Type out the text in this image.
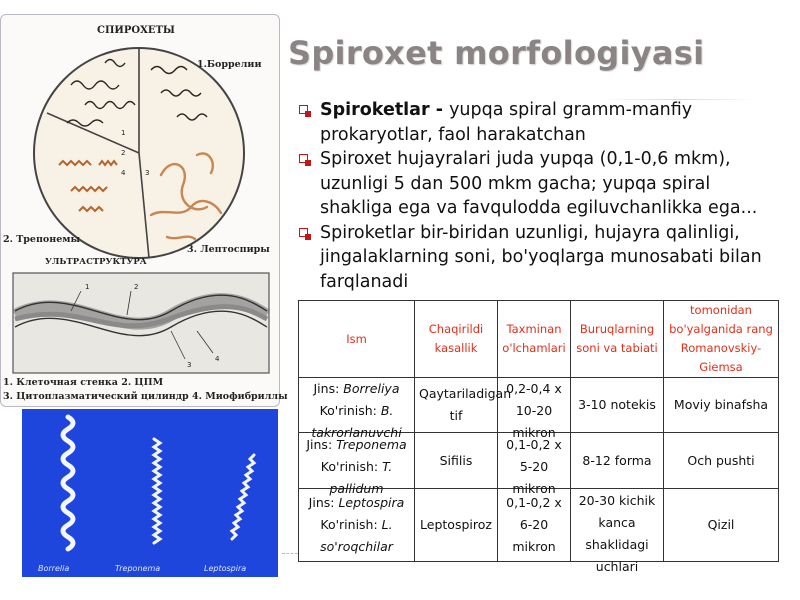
1
2
3
4
1	2
3
4
СПИРОХЕТЫ
1.Боррелии
2. Трепонемы
3. Лептоспиры
УЛЬТРАСТРУКТУРА
1. Клеточная стенка 2. ЦПМ
3. Цитоплазматический цилиндр 4. Миофибриллы
Borrelia	Treponema	Leptospira
Spiroxet morfologiyasi
Spiroketlar - yupqa spiral gramm-manfiy prokaryotlar, faol harakatchan
Spiroxet hujayralari juda yupqa (0,1-0,6 mkm), uzunligi 5 dan 500 mkm gacha; yupqa spiral shakliga ega va favqulodda egiluvchanlikka ega...
Spiroketlar bir-biridan uzunligi, hujayra qalinligi, jingalaklarning soni, bo'yoqlarga munosabati bilan farqlanadi
Ism	Chaqirildi kasallik	Taxminan o'lchamlari	Buruqlarning soni va tabiati	tomonidan bo'yalganida rang Romanovskiy-Giemsa

Jins: Borreliya
Ko'rinish: B. takrorlanuvchi	Qaytariladigan tif	0,2-0,4 x 10-20 mikron	3-10 notekis	Moviy binafsha

Jins: Treponema
Ko'rinish: T. pallidum	Sifilis	0,1-0,2 x 5-20 mikron	8-12 forma	Och pushti

Jins: Leptospira
Ko'rinish: L. so'roqchilar	Leptospiroz	0,1-0,2 x 6-20 mikron	20-30 kichik kanca shaklidagi uchlari	Qizil
